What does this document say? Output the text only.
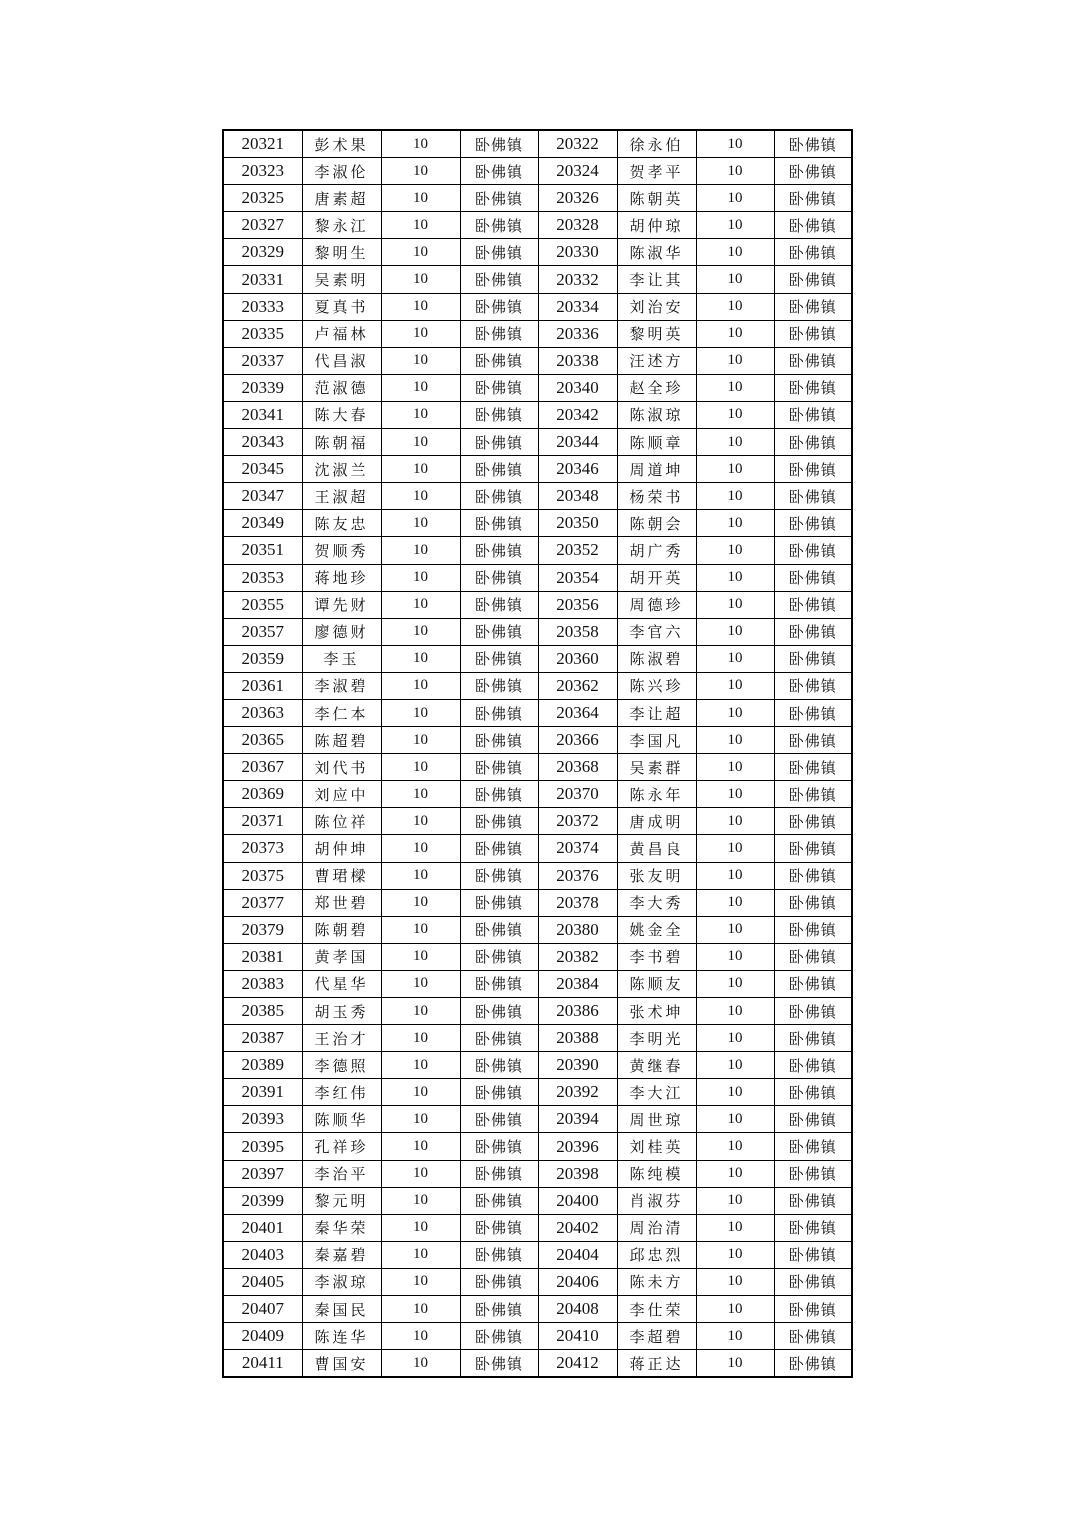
20321	彭术果	10	卧佛镇	20322	徐永伯	10	卧佛镇
20323	李淑伦	10	卧佛镇	20324	贺孝平	10	卧佛镇
20325	唐素超	10	卧佛镇	20326	陈朝英	10	卧佛镇
20327	黎永江	10	卧佛镇	20328	胡仲琼	10	卧佛镇
20329	黎明生	10	卧佛镇	20330	陈淑华	10	卧佛镇
20331	吴素明	10	卧佛镇	20332	李让其	10	卧佛镇
20333	夏真书	10	卧佛镇	20334	刘治安	10	卧佛镇
20335	卢福林	10	卧佛镇	20336	黎明英	10	卧佛镇
20337	代昌淑	10	卧佛镇	20338	汪述方	10	卧佛镇
20339	范淑德	10	卧佛镇	20340	赵全珍	10	卧佛镇
20341	陈大春	10	卧佛镇	20342	陈淑琼	10	卧佛镇
20343	陈朝福	10	卧佛镇	20344	陈顺章	10	卧佛镇
20345	沈淑兰	10	卧佛镇	20346	周道坤	10	卧佛镇
20347	王淑超	10	卧佛镇	20348	杨荣书	10	卧佛镇
20349	陈友忠	10	卧佛镇	20350	陈朝会	10	卧佛镇
20351	贺顺秀	10	卧佛镇	20352	胡广秀	10	卧佛镇
20353	蒋地珍	10	卧佛镇	20354	胡开英	10	卧佛镇
20355	谭先财	10	卧佛镇	20356	周德珍	10	卧佛镇
20357	廖德财	10	卧佛镇	20358	李官六	10	卧佛镇
20359	李玉	10	卧佛镇	20360	陈淑碧	10	卧佛镇
20361	李淑碧	10	卧佛镇	20362	陈兴珍	10	卧佛镇
20363	李仁本	10	卧佛镇	20364	李让超	10	卧佛镇
20365	陈超碧	10	卧佛镇	20366	李国凡	10	卧佛镇
20367	刘代书	10	卧佛镇	20368	吴素群	10	卧佛镇
20369	刘应中	10	卧佛镇	20370	陈永年	10	卧佛镇
20371	陈位祥	10	卧佛镇	20372	唐成明	10	卧佛镇
20373	胡仲坤	10	卧佛镇	20374	黄昌良	10	卧佛镇
20375	曹珺樑	10	卧佛镇	20376	张友明	10	卧佛镇
20377	郑世碧	10	卧佛镇	20378	李大秀	10	卧佛镇
20379	陈朝碧	10	卧佛镇	20380	姚金全	10	卧佛镇
20381	黄孝国	10	卧佛镇	20382	李书碧	10	卧佛镇
20383	代星华	10	卧佛镇	20384	陈顺友	10	卧佛镇
20385	胡玉秀	10	卧佛镇	20386	张术坤	10	卧佛镇
20387	王治才	10	卧佛镇	20388	李明光	10	卧佛镇
20389	李德照	10	卧佛镇	20390	黄继春	10	卧佛镇
20391	李红伟	10	卧佛镇	20392	李大江	10	卧佛镇
20393	陈顺华	10	卧佛镇	20394	周世琼	10	卧佛镇
20395	孔祥珍	10	卧佛镇	20396	刘桂英	10	卧佛镇
20397	李治平	10	卧佛镇	20398	陈纯模	10	卧佛镇
20399	黎元明	10	卧佛镇	20400	肖淑芬	10	卧佛镇
20401	秦华荣	10	卧佛镇	20402	周治清	10	卧佛镇
20403	秦嘉碧	10	卧佛镇	20404	邱忠烈	10	卧佛镇
20405	李淑琼	10	卧佛镇	20406	陈未方	10	卧佛镇
20407	秦国民	10	卧佛镇	20408	李仕荣	10	卧佛镇
20409	陈连华	10	卧佛镇	20410	李超碧	10	卧佛镇
20411	曹国安	10	卧佛镇	20412	蒋正达	10	卧佛镇
